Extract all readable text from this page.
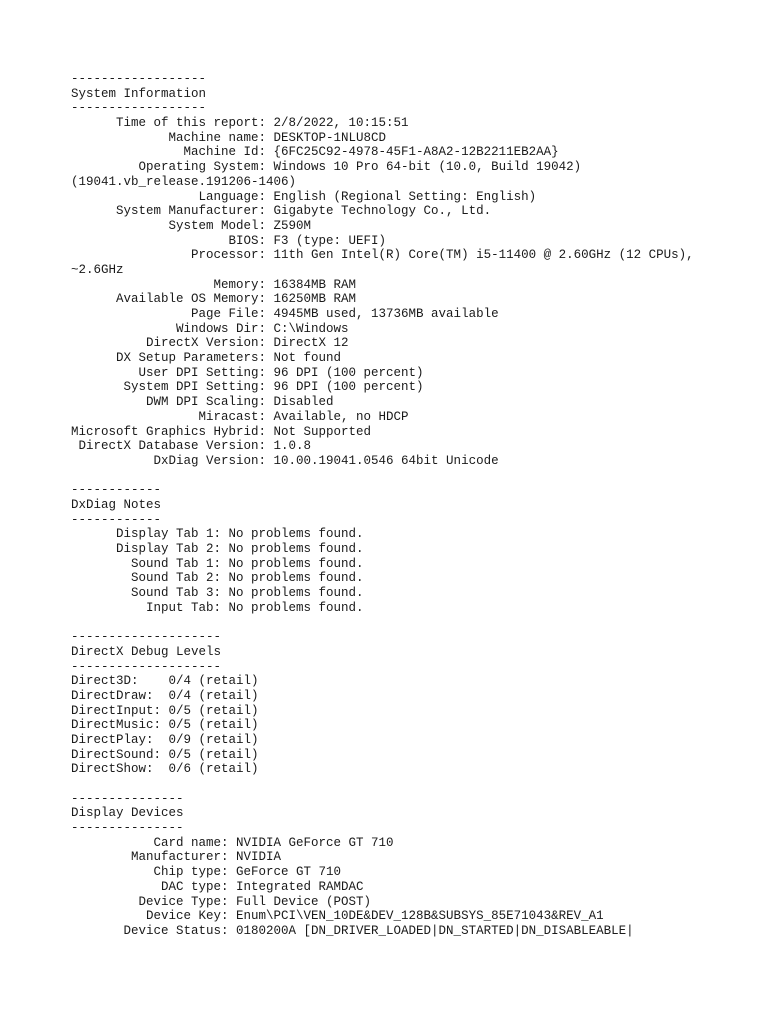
------------------
System Information
------------------
Time of this report: 2/8/2022, 10:15:51
Machine name: DESKTOP-1NLU8CD
Machine Id: {6FC25C92-4978-45F1-A8A2-12B2211EB2AA}
Operating System: Windows 10 Pro 64-bit (10.0, Build 19042)
(19041.vb_release.191206-1406)
Language: English (Regional Setting: English)
System Manufacturer: Gigabyte Technology Co., Ltd.
System Model: Z590M
BIOS: F3 (type: UEFI)
Processor: 11th Gen Intel(R) Core(TM) i5-11400 @ 2.60GHz (12 CPUs),
~2.6GHz
Memory: 16384MB RAM
Available OS Memory: 16250MB RAM
Page File: 4945MB used, 13736MB available
Windows Dir: C:\Windows
DirectX Version: DirectX 12
DX Setup Parameters: Not found
User DPI Setting: 96 DPI (100 percent)
System DPI Setting: 96 DPI (100 percent)
DWM DPI Scaling: Disabled
Miracast: Available, no HDCP
Microsoft Graphics Hybrid: Not Supported
DirectX Database Version: 1.0.8
DxDiag Version: 10.00.19041.0546 64bit Unicode
------------
DxDiag Notes
------------
Display Tab 1: No problems found.
Display Tab 2: No problems found.
Sound Tab 1: No problems found.
Sound Tab 2: No problems found.
Sound Tab 3: No problems found.
Input Tab: No problems found.
--------------------
DirectX Debug Levels
--------------------
Direct3D:    0/4 (retail)
DirectDraw:  0/4 (retail)
DirectInput: 0/5 (retail)
DirectMusic: 0/5 (retail)
DirectPlay:  0/9 (retail)
DirectSound: 0/5 (retail)
DirectShow:  0/6 (retail)
---------------
Display Devices
---------------
Card name: NVIDIA GeForce GT 710
Manufacturer: NVIDIA
Chip type: GeForce GT 710
DAC type: Integrated RAMDAC
Device Type: Full Device (POST)
Device Key: Enum\PCI\VEN_10DE&DEV_128B&SUBSYS_85E71043&REV_A1
Device Status: 0180200A [DN_DRIVER_LOADED|DN_STARTED|DN_DISABLEABLE|
